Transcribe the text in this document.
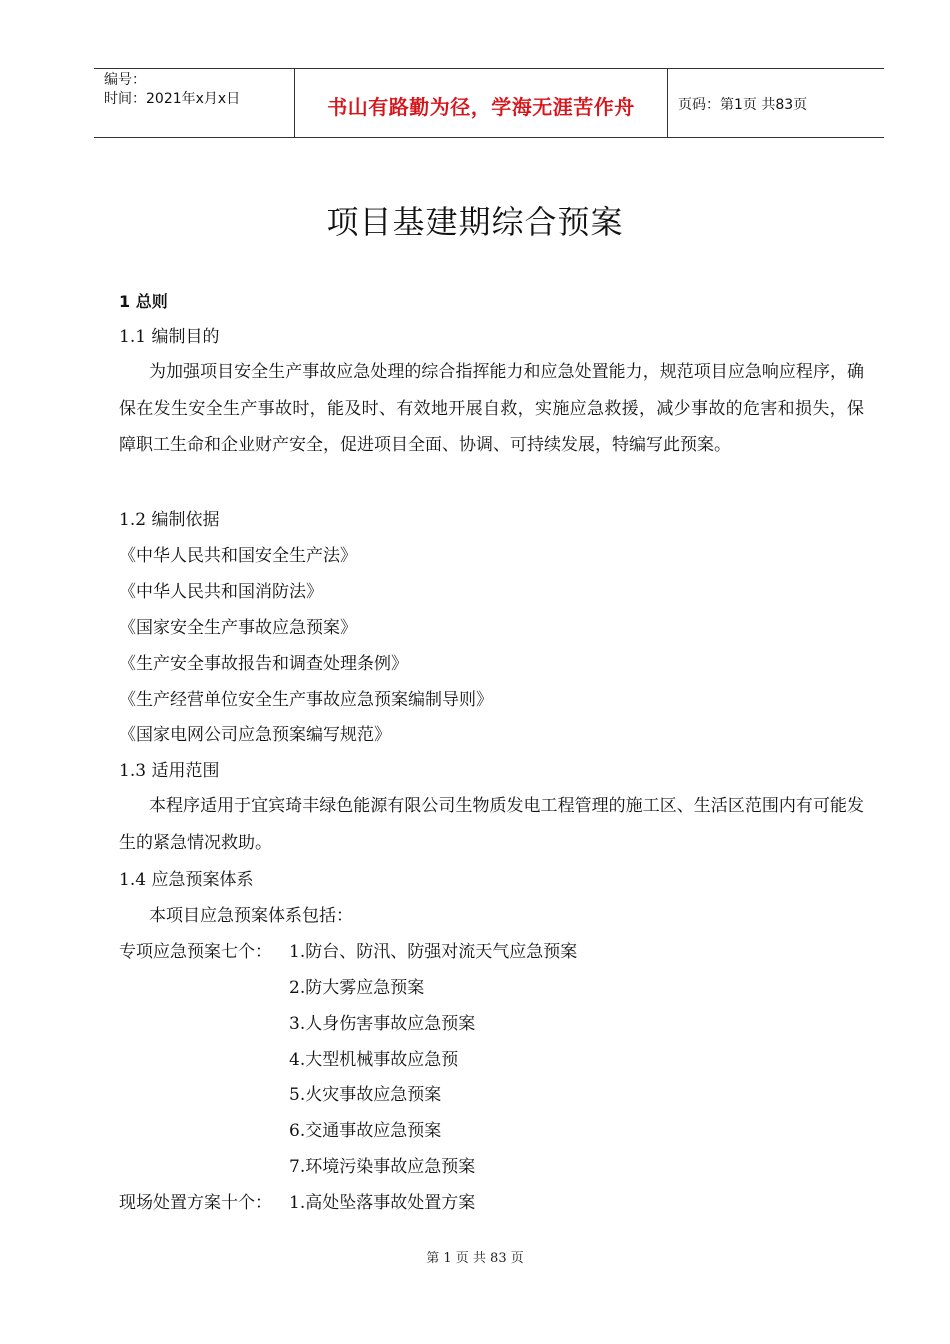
编号：
时间：2021年x月x日	书山有路勤为径，学海无涯苦作舟	页码：第1页 共83页
项目基建期综合预案
1 总则
1.1 编制目的
为加强项目安全生产事故应急处理的综合指挥能力和应急处置能力，规范项目应急响应程序，确保在发生安全生产事故时，能及时、有效地开展自救，实施应急救援，减少事故的危害和损失，保障职工生命和企业财产安全，促进项目全面、协调、可持续发展，特编写此预案。
1.2 编制依据
《中华人民共和国安全生产法》
《中华人民共和国消防法》
《国家安全生产事故应急预案》
《生产安全事故报告和调查处理条例》
《生产经营单位安全生产事故应急预案编制导则》
《国家电网公司应急预案编写规范》
1.3 适用范围
本程序适用于宜宾琦丰绿色能源有限公司生物质发电工程管理的施工区、生活区范围内有可能发生的紧急情况救助。
1.4 应急预案体系
本项目应急预案体系包括：
专项应急预案七个： 1.防台、防汛、防强对流天气应急预案
2.防大雾应急预案
3.人身伤害事故应急预案
4.大型机械事故应急预
5.火灾事故应急预案
6.交通事故应急预案
7.环境污染事故应急预案
现场处置方案十个： 1.高处坠落事故处置方案
第 1 页 共 83 页
